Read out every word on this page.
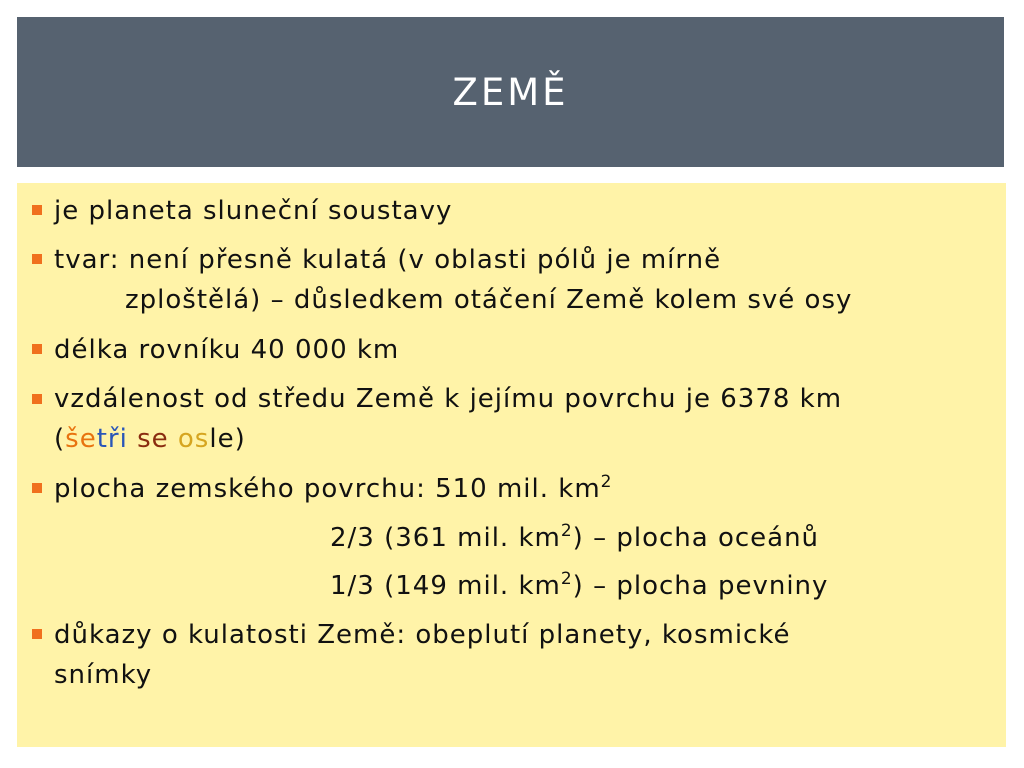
ZEMĚ
je planeta sluneční soustavy
tvar: není přesně kulatá (v oblasti pólů je mírně
zploštělá) – důsledkem otáčení Země kolem své osy
délka rovníku 40 000 km
vzdálenost od středu Země k jejímu povrchu je 6378 km
(šetři se osle)
plocha zemského povrchu: 510 mil. $km^2$
2/3 (361 mil. $km^2$) – plocha oceánů
1/3 (149 mil. $km^2$) – plocha pevniny
důkazy o kulatosti Země: obeplutí planety, kosmické
snímky
